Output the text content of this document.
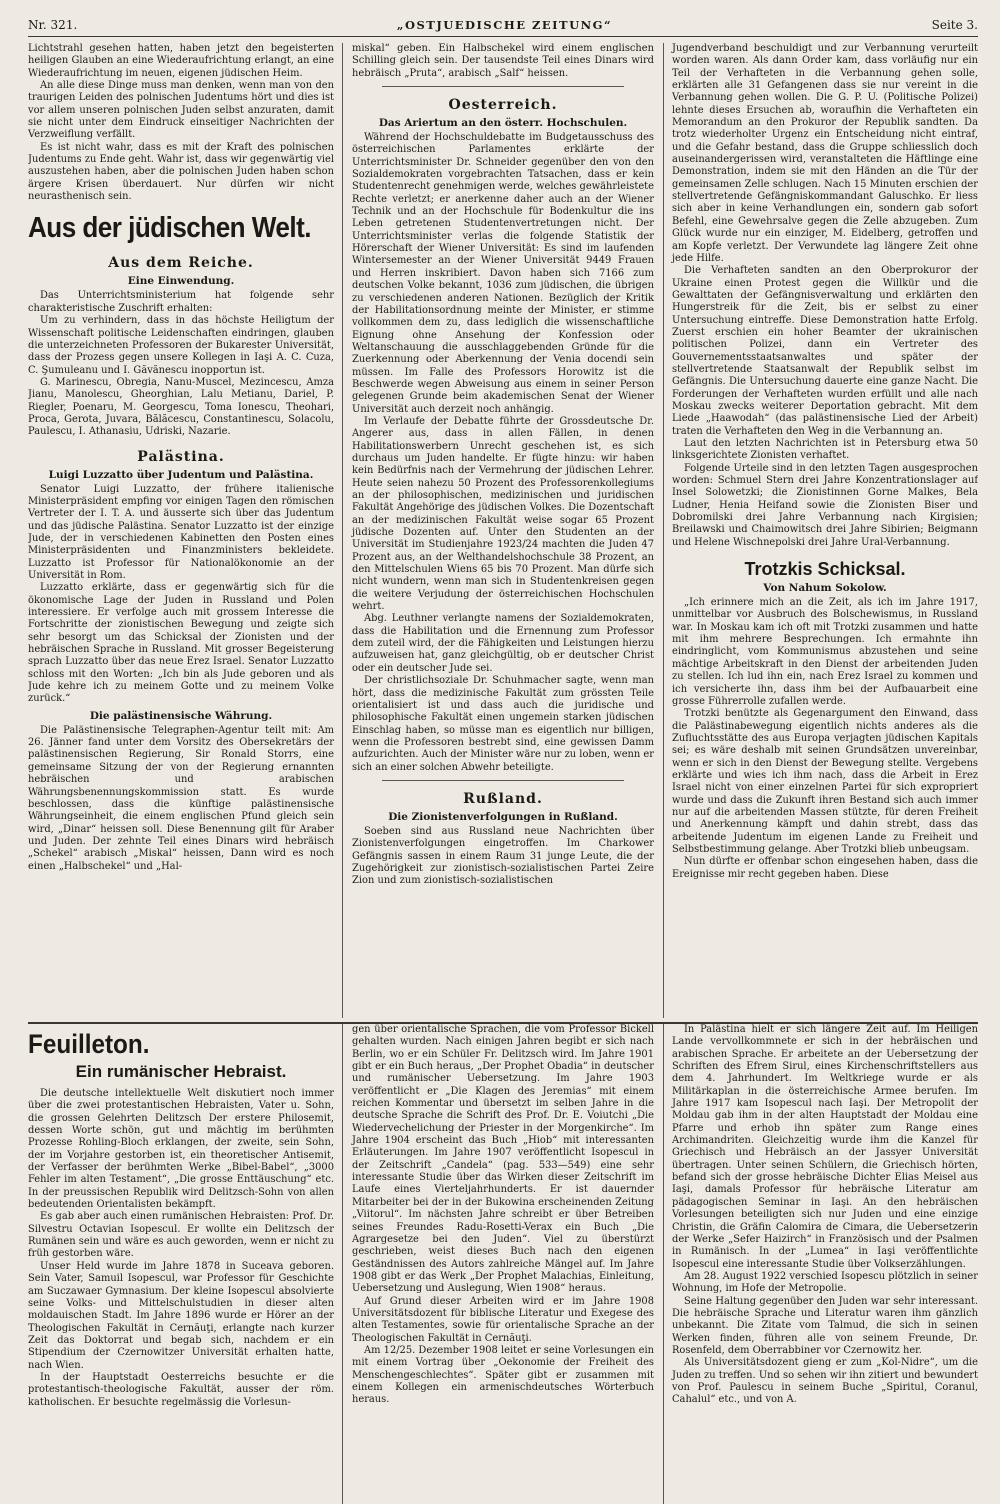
Nr. 321.	„OSTJUEDISCHE ZEITUNG“	Seite 3.

Lichtstrahl gesehen hatten, haben jetzt den begeisterten heiligen Glauben an eine Wiederaufrichtung erlangt, an eine Wiederaufrichtung im neuen, eigenen jüdischen Heim.

An alle diese Dinge muss man denken, wenn man von den traurigen Leiden des polnischen Judentums hört und dies ist vor allem unseren polnischen Juden selbst anzuraten, damit sie nicht unter dem Eindruck einseitiger Nachrichten der Verzweiflung verfällt.

Es ist nicht wahr, dass es mit der Kraft des polnischen Judentums zu Ende geht. Wahr ist, dass wir gegenwärtig viel auszustehen haben, aber die polnischen Juden haben schon ärgere Krisen überdauert. Nur dürfen wir nicht neurasthenisch sein.

Aus der jüdischen Welt.
Aus dem Reiche.
Eine Einwendung.

Das Unterrichtsministerium hat folgende sehr charakteristische Zuschrift erhalten:

Um zu verhindern, dass in das höchste Heiligtum der Wissenschaft politische Leidenschaften eindringen, glauben die unterzeichneten Professoren der Bukarester Universität, dass der Prozess gegen unsere Kollegen in Iaşi A. C. Cuza, C. Şumuleanu und I. Găvănescu inopportun ist.

G. Marinescu, Obregia, Nanu-Muscel, Mezincescu, Amza Jianu, Manolescu, Gheorghian, Lalu Metianu, Dariel, P. Riegler, Poenaru, M. Georgescu, Toma Ionescu, Theohari, Proca, Gerota, Juvara, Bălăcescu, Constantinescu, Solacolu, Paulescu, I. Athanasiu, Udriski, Nazarie.

Palästina.
Luigi Luzzatto über Judentum und Palästina.

Senator Luigi Luzzatto, der frühere italienische Ministerpräsident empfing vor einigen Tagen den römischen Vertreter der I. T. A. und äusserte sich über das Judentum und das jüdische Palästina. Senator Luzzatto ist der einzige Jude, der in verschiedenen Kabinetten den Posten eines Ministerpräsidenten und Finanzministers bekleidete. Luzzatto ist Professor für Nationalökonomie an der Universität in Rom.

Luzzatto erklärte, dass er gegenwärtig sich für die ökonomische Lage der Juden in Russland und Polen interessiere. Er verfolge auch mit grossem Interesse die Fortschritte der zionistischen Bewegung und zeigte sich sehr besorgt um das Schicksal der Zionisten und der hebräischen Sprache in Russland. Mit grosser Begeisterung sprach Luzzatto über das neue Erez Israel. Senator Luzzatto schloss mit den Worten: „Ich bin als Jude geboren und als Jude kehre ich zu meinem Gotte und zu meinem Volke zurück.“

Die palästinensische Währung.

Die Palästinensische Telegraphen-Agentur teilt mit: Am 26. Jänner fand unter dem Vorsitz des Obersekretärs der palästinensischen Regierung, Sir Ronald Storrs, eine gemeinsame Sitzung der von der Regierung ernannten hebräischen und arabischen Währungsbenennungskommission statt. Es wurde beschlossen, dass die künftige palästinensische Währungseinheit, die einem englischen Pfund gleich sein wird, „Dinar“ heissen soll. Diese Benennung gilt für Araber und Juden. Der zehnte Teil eines Dinars wird hebräisch „Schekel“ arabisch „Miskal“ heissen, Dann wird es noch einen „Halbschekel“ und „Hal-

miskal“ geben. Ein Halbschekel wird einem englischen Schilling gleich sein. Der tausendste Teil eines Dinars wird hebräisch „Pruta“, arabisch „Salf“ heissen.

Oesterreich.
Das Ariertum an den österr. Hochschulen.

Während der Hochschuldebatte im Budgetausschuss des österreichischen Parlamentes erklärte der Unterrichtsminister Dr. Schneider gegenüber den von den Sozialdemokraten vorgebrachten Tatsachen, dass er kein Studentenrecht genehmigen werde, welches gewährleistete Rechte verletzt; er anerkenne daher auch an der Wiener Technik und an der Hochschule für Bodenkultur die ins Leben getretenen Studentenvertretungen nicht. Der Unterrichtsminister verlas die folgende Statistik der Hörerschaft der Wiener Universität: Es sind im laufenden Wintersemester an der Wiener Universität 9449 Frauen und Herren inskribiert. Davon haben sich 7166 zum deutschen Volke bekannt, 1036 zum jüdischen, die übrigen zu verschiedenen anderen Nationen. Bezüglich der Kritik der Habilitationsordnung meinte der Minister, er stimme vollkommen dem zu, dass lediglich die wissenschaftliche Eignung ohne Ansehung der Konfession oder Weltanschauung die ausschlaggebenden Gründe für die Zuerkennung oder Aberkennung der Venia docendi sein müssen. Im Falle des Professors Horowitz ist die Beschwerde wegen Abweisung aus einem in seiner Person gelegenen Grunde beim akademischen Senat der Wiener Universität auch derzeit noch anhängig.

Im Verlaufe der Debatte führte der Grossdeutsche Dr. Angerer aus, dass in allen Fällen, in denen Habilitationswerbern Unrecht geschehen ist, es sich durchaus um Juden handelte. Er fügte hinzu: wir haben kein Bedürfnis nach der Vermehrung der jüdischen Lehrer. Heute seien nahezu 50 Prozent des Professorenkollegiums an der philosophischen, medizinischen und juridischen Fakultät Angehörige des jüdischen Volkes. Die Dozentschaft an der medizinischen Fakultät weise sogar 65 Prozent jüdische Dozenten auf. Unter den Studenten an der Universität im Studienjahre 1923/24 machten die Juden 47 Prozent aus, an der Welthandelshochschule 38 Prozent, an den Mittelschulen Wiens 65 bis 70 Prozent. Man dürfe sich nicht wundern, wenn man sich in Studentenkreisen gegen die weitere Verjudung der österreichischen Hochschulen wehrt.

Abg. Leuthner verlangte namens der Sozialdemokraten, dass die Habilitation und die Ernennung zum Professor dem zuteil wird, der die Fähigkeiten und Leistungen hierzu aufzuweisen hat, ganz gleichgültig, ob er deutscher Christ oder ein deutscher Jude sei.

Der christlichsoziale Dr. Schuhmacher sagte, wenn man hört, dass die medizinische Fakultät zum grössten Teile orientalisiert ist und dass auch die juridische und philosophische Fakultät einen ungemein starken jüdischen Einschlag haben, so müsse man es eigentlich nur billigen, wenn die Professoren bestrebt sind, eine gewissen Damm aufzurichten. Auch der Minister wäre nur zu loben, wenn er sich an einer solchen Abwehr beteiligte.

Rußland.
Die Zionistenverfolgungen in Rußland.

Soeben sind aus Russland neue Nachrichten über Zionistenverfolgungen eingetroffen. Im Charkower Gefängnis sassen in einem Raum 31 junge Leute, die der Zugehörigkeit zur zionistisch-sozialistischen Partei Zeire Zion und zum zionistisch-sozialistischen

Jugendverband beschuldigt und zur Verbannung verurteilt worden waren. Als dann Order kam, dass vorläufig nur ein Teil der Verhafteten in die Verbannung gehen solle, erklärten alle 31 Gefangenen dass sie nur vereint in die Verbannung gehen wollen. Die G. P. U. (Politische Polizei) lehnte dieses Ersuchen ab, woraufhin die Verhafteten ein Memorandum an den Prokuror der Republik sandten. Da trotz wiederholter Urgenz ein Entscheidung nicht eintraf, und die Gefahr bestand, dass die Gruppe schliesslich doch auseinandergerissen wird, veranstalteten die Häftlinge eine Demonstration, indem sie mit den Händen an die Tür der gemeinsamen Zelle schlugen. Nach 15 Minuten erschien der stellvertretende Gefängniskommandant Galuschko. Er liess sich aber in keine Verhandlungen ein, sondern gab sofort Befehl, eine Gewehrsalve gegen die Zelle abzugeben. Zum Glück wurde nur ein einziger, M. Eidelberg, getroffen und am Kopfe verletzt. Der Verwundete lag längere Zeit ohne jede Hilfe.

Die Verhafteten sandten an den Oberprokuror der Ukraine einen Protest gegen die Willkür und die Gewalttaten der Gefängnisverwaltung und erklärten den Hungerstreik für die Zeit, bis er selbst zu einer Untersuchung eintreffe. Diese Demonstration hatte Erfolg. Zuerst erschien ein hoher Beamter der ukrainischen politischen Polizei, dann ein Vertreter des Gouvernementsstaatsanwaltes und später der stellvertretende Staatsanwalt der Republik selbst im Gefängnis. Die Untersuchung dauerte eine ganze Nacht. Die Forderungen der Verhafteten wurden erfüllt und alle nach Moskau zwecks weiterer Deportation gebracht. Mit dem Liede „Haawodah“ (das palästinensische Lied der Arbeit) traten die Verhafteten den Weg in die Verbannung an.

Laut den letzten Nachrichten ist in Petersburg etwa 50 linksgerichtete Zionisten verhaftet.

Folgende Urteile sind in den letzten Tagen ausgesprochen worden: Schmuel Stern drei Jahre Konzentrationslager auf Insel Solowetzki; die Zionistinnen Gorne Malkes, Bela Ludner, Henia Heifand sowie die Zionisten Biser und Dobromilski drei Jahre Verbannung nach Kirgisien; Breilawski und Chaimowitsch drei Jahre Sibirien; Beigmann und Helene Wischnepolski drei Jahre Ural-Verbannung.

Trotzkis Schicksal.
Von Nahum Sokolow.

„Ich erinnere mich an die Zeit, als ich im Jahre 1917, unmittelbar vor Ausbruch des Bolschewismus, in Russland war. In Moskau kam ich oft mit Trotzki zusammen und hatte mit ihm mehrere Besprechungen. Ich ermahnte ihn eindringlicht, vom Kommunismus abzustehen und seine mächtige Arbeitskraft in den Dienst der arbeitenden Juden zu stellen. Ich lud ihn ein, nach Erez Israel zu kommen und ich versicherte ihn, dass ihm bei der Aufbauarbeit eine grosse Führerrolle zufallen werde.

Trotzki benützte als Gegenargument den Einwand, dass die Palästinabewegung eigentlich nichts anderes als die Zufluchtsstätte des aus Europa verjagten jüdischen Kapitals sei; es wäre deshalb mit seinen Grundsätzen unvereinbar, wenn er sich in den Dienst der Bewegung stellte. Vergebens erklärte und wies ich ihm nach, dass die Arbeit in Erez Israel nicht von einer einzelnen Partei für sich expropriert wurde und dass die Zukunft ihren Bestand sich auch immer nur auf die arbeitenden Massen stützte, für deren Freiheit und Anerkennung kämpft und dahin strebt, dass das arbeitende Judentum im eigenen Lande zu Freiheit und Selbstbestimmung gelange. Aber Trotzki blieb unbeugsam.

Nun dürfte er offenbar schon eingesehen haben, dass die Ereignisse mir recht gegeben haben. Diese

Feuilleton.
Ein rumänischer Hebraist.

Die deutsche intellektuelle Welt diskutiert noch immer über die zwei protestantischen Hebraisten, Vater u. Sohn, die grossen Gelehrten Delitzsch Der erstere Philosemit, dessen Worte schön, gut und mächtig im berühmten Prozesse Rohling-Bloch erklangen, der zweite, sein Sohn, der im Vorjahre gestorben ist, ein theoretischer Antisemit, der Verfasser der berühmten Werke „Bibel-Babel“, „3000 Fehler im alten Testament“, „Die grosse Enttäuschung“ etc. In der preussischen Republik wird Delitzsch-Sohn von allen bedeutenden Orientalisten bekämpft.

Es gab aber auch einen rumänischen Hebraisten: Prof. Dr. Silvestru Octavian Isopescul. Er wollte ein Delitzsch der Rumänen sein und wäre es auch geworden, wenn er nicht zu früh gestorben wäre.

Unser Held wurde im Jahre 1878 in Suceava geboren. Sein Vater, Samuil Isopescul, war Professor für Geschichte am Suczawaer Gymnasium. Der kleine Isopescul absolvierte seine Volks- und Mittelschulstudien in dieser alten moldauischen Stadt. Im Jahre 1896 wurde er Hörer an der Theologischen Fakultät in Cernăuţi, erlangte nach kurzer Zeit das Doktorrat und begab sich, nachdem er ein Stipendium der Czernowitzer Universität erhalten hatte, nach Wien.

In der Hauptstadt Oesterreichs besuchte er die protestantisch-theologische Fakultät, ausser der röm. katholischen. Er besuchte regelmässig die Vorlesun-

gen über orientalische Sprachen, die vom Professor Bickell gehalten wurden. Nach einigen Jahren begibt er sich nach Berlin, wo er ein Schüler Fr. Delitzsch wird. Im Jahre 1901 gibt er ein Buch heraus, „Der Prophet Obadia“ in deutscher und rumänischer Uebersetzung. Im Jahre 1903 veröffentlicht er „Die Klagen des Jeremias“ mit einem reichen Kommentar und übersetzt im selben Jahre in die deutsche Sprache die Schrift des Prof. Dr. E. Voiutchi „Die Wiedervechelichung der Priester in der Morgenkirche“. Im Jahre 1904 erscheint das Buch „Hiob“ mit interessanten Erläuterungen. Im Jahre 1907 veröffentlicht Isopescul in der Zeitschrift „Candela“ (pag. 533—549) eine sehr interessante Studie über das Wirken dieser Zeitschrift im Laufe eines Vierteljahrhunderts. Er ist dauernder Mitarbeiter bei der in der Bukowina erscheinenden Zeitung „Viitorul“. Im nächsten Jahre schreibt er über Betreiben seines Freundes Radu-Rosetti-Verax ein Buch „Die Agrargesetze bei den Juden“. Viel zu überstürzt geschrieben, weist dieses Buch nach den eigenen Geständnissen des Autors zahlreiche Mängel auf. Im Jahre 1908 gibt er das Werk „Der Prophet Malachias, Einleitung, Uebersetzung und Auslegung, Wien 1908“ heraus.

Auf Grund dieser Arbeiten wird er im Jahre 1908 Universitätsdozent für biblische Literatur und Exegese des alten Testamentes, sowie für orientalische Sprache an der Theologischen Fakultät in Cernăuţi.

Am 12/25. Dezember 1908 leitet er seine Vorlesungen ein mit einem Vortrag über „Oekonomie der Freiheit des Menschengeschlechtes“. Später gibt er zusammen mit einem Kollegen ein armenischdeutsches Wörterbuch heraus.

In Palästina hielt er sich längere Zeit auf. Im Heiligen Lande vervollkommnete er sich in der hebräischen und arabischen Sprache. Er arbeitete an der Uebersetzung der Schriften des Efrem Sirul, eines Kirchenschriftstellers aus dem 4. Jahrhundert. Im Weltkriege wurde er als Militärkaplan in die österreichische Armee berufen. Im Jahre 1917 kam Isopescul nach Iaşi. Der Metropolit der Moldau gab ihm in der alten Hauptstadt der Moldau eine Pfarre und erhob ihn später zum Range eines Archimandriten. Gleichzeitig wurde ihm die Kanzel für Griechisch und Hebräisch an der Jassyer Universität übertragen. Unter seinen Schülern, die Griechisch hörten, befand sich der grosse hebräische Dichter Elias Meisel aus Iaşi, damals Professor für hebräische Literatur am pädagogischen Seminar in Iaşi. An den hebräischen Vorlesungen beteiligten sich nur Juden und eine einzige Christin, die Gräfin Calomira de Cimara, die Uebersetzerin der Werke „Sefer Haizirch“ in Französisch und der Psalmen in Rumänisch. In der „Lumea“ in Iaşi veröffentlichte Isopescul eine interessante Studie über Volkserzählungen.

Am 28. August 1922 verschied Isopescu plötzlich in seiner Wohnung, im Hofe der Metropolie.

Seine Haltung gegenüber den Juden war sehr interessant. Die hebräische Sprache und Literatur waren ihm gänzlich unbekannt. Die Zitate vom Talmud, die sich in seinen Werken finden, führen alle von seinem Freunde, Dr. Rosenfeld, dem Oberrabbiner vor Czernowitz her.

Als Universitätsdozent gieng er zum „Kol-Nidre“, um die Juden zu treffen. Und so sehen wir ihn zitiert und bewundert von Prof. Paulescu in seinem Buche „Spiritul, Coranul, Cahalul“ etc., und von A.
